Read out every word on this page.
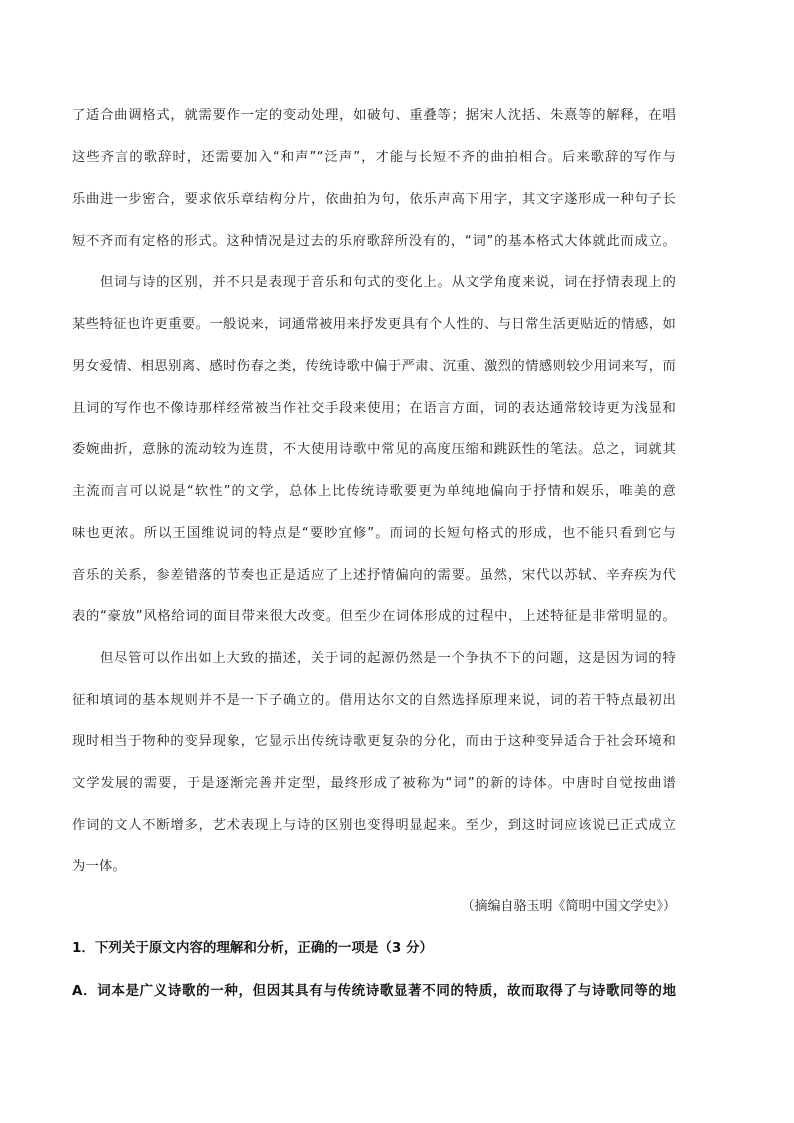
了适合曲调格式，就需要作一定的变动处理，如破句、重叠等；据宋人沈括、朱熹等的解释，在唱
这些齐言的歌辞时，还需要加入“和声”“泛声”，才能与长短不齐的曲拍相合。后来歌辞的写作与
乐曲进一步密合，要求依乐章结构分片，依曲拍为句，依乐声高下用字，其文字遂形成一种句子长
短不齐而有定格的形式。这种情况是过去的乐府歌辞所没有的，“词”的基本格式大体就此而成立。
但词与诗的区别，并不只是表现于音乐和句式的变化上。从文学角度来说，词在抒情表现上的
某些特征也许更重要。一般说来，词通常被用来抒发更具有个人性的、与日常生活更贴近的情感，如
男女爱情、相思别离、感时伤春之类，传统诗歌中偏于严肃、沉重、激烈的情感则较少用词来写，而
且词的写作也不像诗那样经常被当作社交手段来使用；在语言方面，词的表达通常较诗更为浅显和
委婉曲折，意脉的流动较为连贯，不大使用诗歌中常见的高度压缩和跳跃性的笔法。总之，词就其
主流而言可以说是“软性”的文学，总体上比传统诗歌要更为单纯地偏向于抒情和娱乐，唯美的意
味也更浓。所以王国维说词的特点是“要眇宜修”。而词的长短句格式的形成，也不能只看到它与
音乐的关系，参差错落的节奏也正是适应了上述抒情偏向的需要。虽然，宋代以苏轼、辛弃疾为代
表的“豪放”风格给词的面目带来很大改变。但至少在词体形成的过程中，上述特征是非常明显的。
但尽管可以作出如上大致的描述，关于词的起源仍然是一个争执不下的问题，这是因为词的特
征和填词的基本规则并不是一下子确立的。借用达尔文的自然选择原理来说，词的若干特点最初出
现时相当于物种的变异现象，它显示出传统诗歌更复杂的分化，而由于这种变异适合于社会环境和
文学发展的需要，于是逐渐完善并定型，最终形成了被称为“词”的新的诗体。中唐时自觉按曲谱
作词的文人不断增多，艺术表现上与诗的区别也变得明显起来。至少，到这时词应该说已正式成立
为一体。
（摘编自骆玉明《简明中国文学史》）
1．下列关于原文内容的理解和分析，正确的一项是（3 分）
A．词本是广义诗歌的一种，但因其具有与传统诗歌显著不同的特质，故而取得了与诗歌同等的地
